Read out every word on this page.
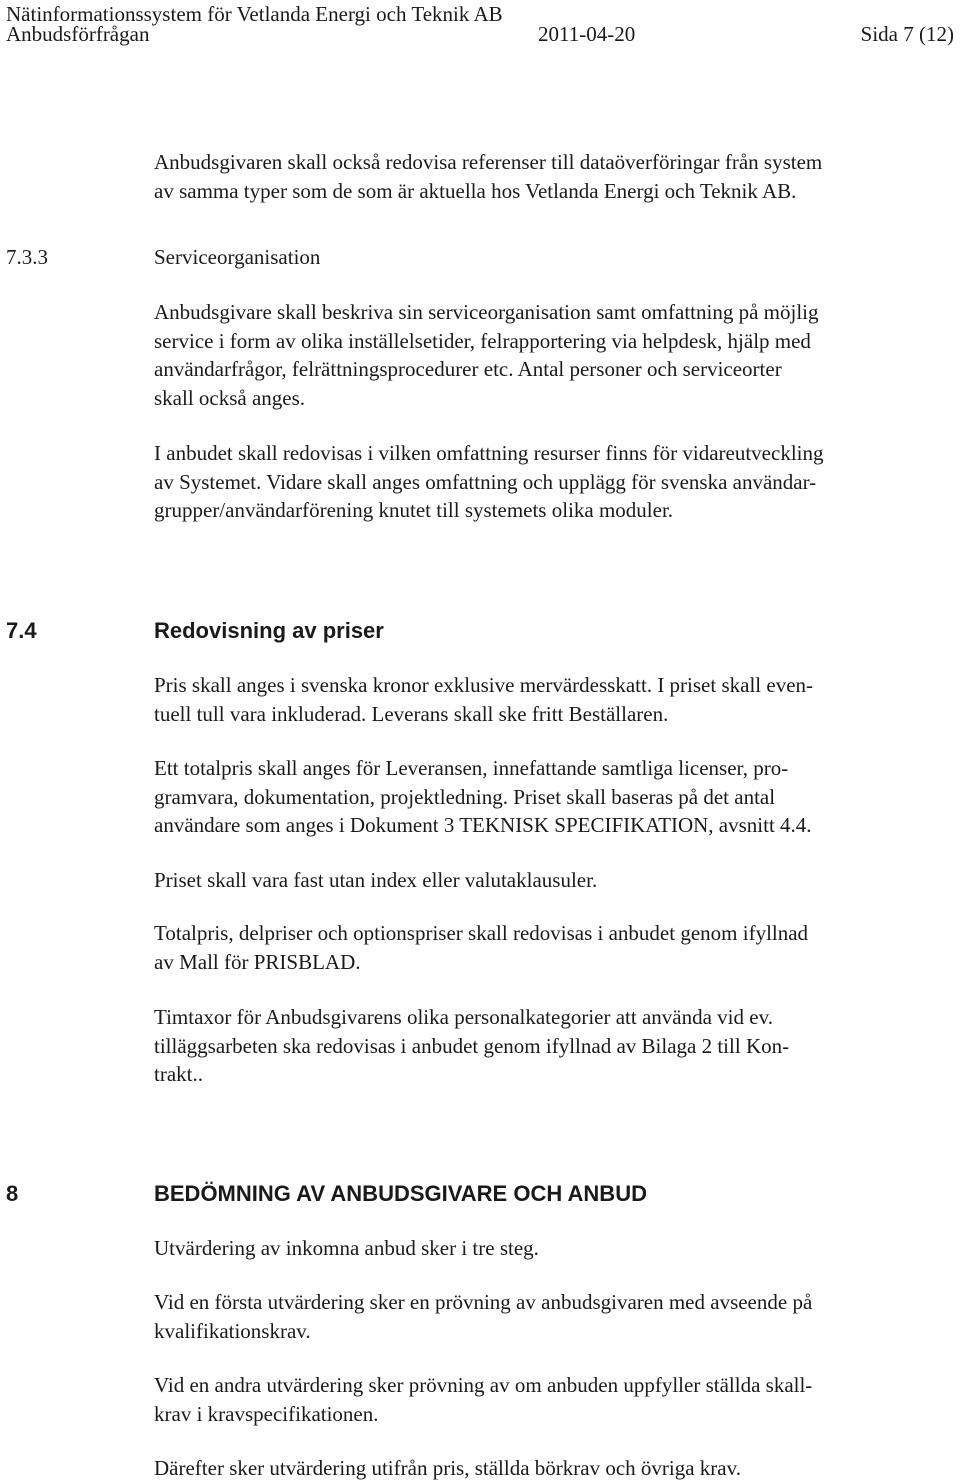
Nätinformationssystem för Vetlanda Energi och Teknik AB
Anbudsförfrågan	2011-04-20	Sida 7 (12)
Anbudsgivaren skall också redovisa referenser till dataöverföringar från system
av samma typer som de som är aktuella hos Vetlanda Energi och Teknik AB.
7.3.3	Serviceorganisation
Anbudsgivare skall beskriva sin serviceorganisation samt omfattning på möjlig
service i form av olika inställelsetider, felrapportering via helpdesk, hjälp med
användarfrågor, felrättningsprocedurer etc. Antal personer och serviceorter
skall också anges.
I anbudet skall redovisas i vilken omfattning resurser finns för vidareutveckling
av Systemet. Vidare skall anges omfattning och upplägg för svenska användar-
grupper/användarförening knutet till systemets olika moduler.
7.4	Redovisning av priser
Pris skall anges i svenska kronor exklusive mervärdesskatt. I priset skall even-
tuell tull vara inkluderad. Leverans skall ske fritt Beställaren.
Ett totalpris skall anges för Leveransen, innefattande samtliga licenser, pro-
gramvara, dokumentation, projektledning. Priset skall baseras på det antal
användare som anges i Dokument 3 TEKNISK SPECIFIKATION, avsnitt 4.4.
Priset skall vara fast utan index eller valutaklausuler.
Totalpris, delpriser och optionspriser skall redovisas i anbudet genom ifyllnad
av Mall för PRISBLAD.
Timtaxor för Anbudsgivarens olika personalkategorier att använda vid ev.
tilläggsarbeten ska redovisas i anbudet genom ifyllnad av Bilaga 2 till Kon-
trakt..
8	BEDÖMNING AV ANBUDSGIVARE OCH ANBUD
Utvärdering av inkomna anbud sker i tre steg.
Vid en första utvärdering sker en prövning av anbudsgivaren med avseende på
kvalifikationskrav.
Vid en andra utvärdering sker prövning av om anbuden uppfyller ställda skall-
krav i kravspecifikationen.
Därefter sker utvärdering utifrån pris, ställda börkrav och övriga krav.
